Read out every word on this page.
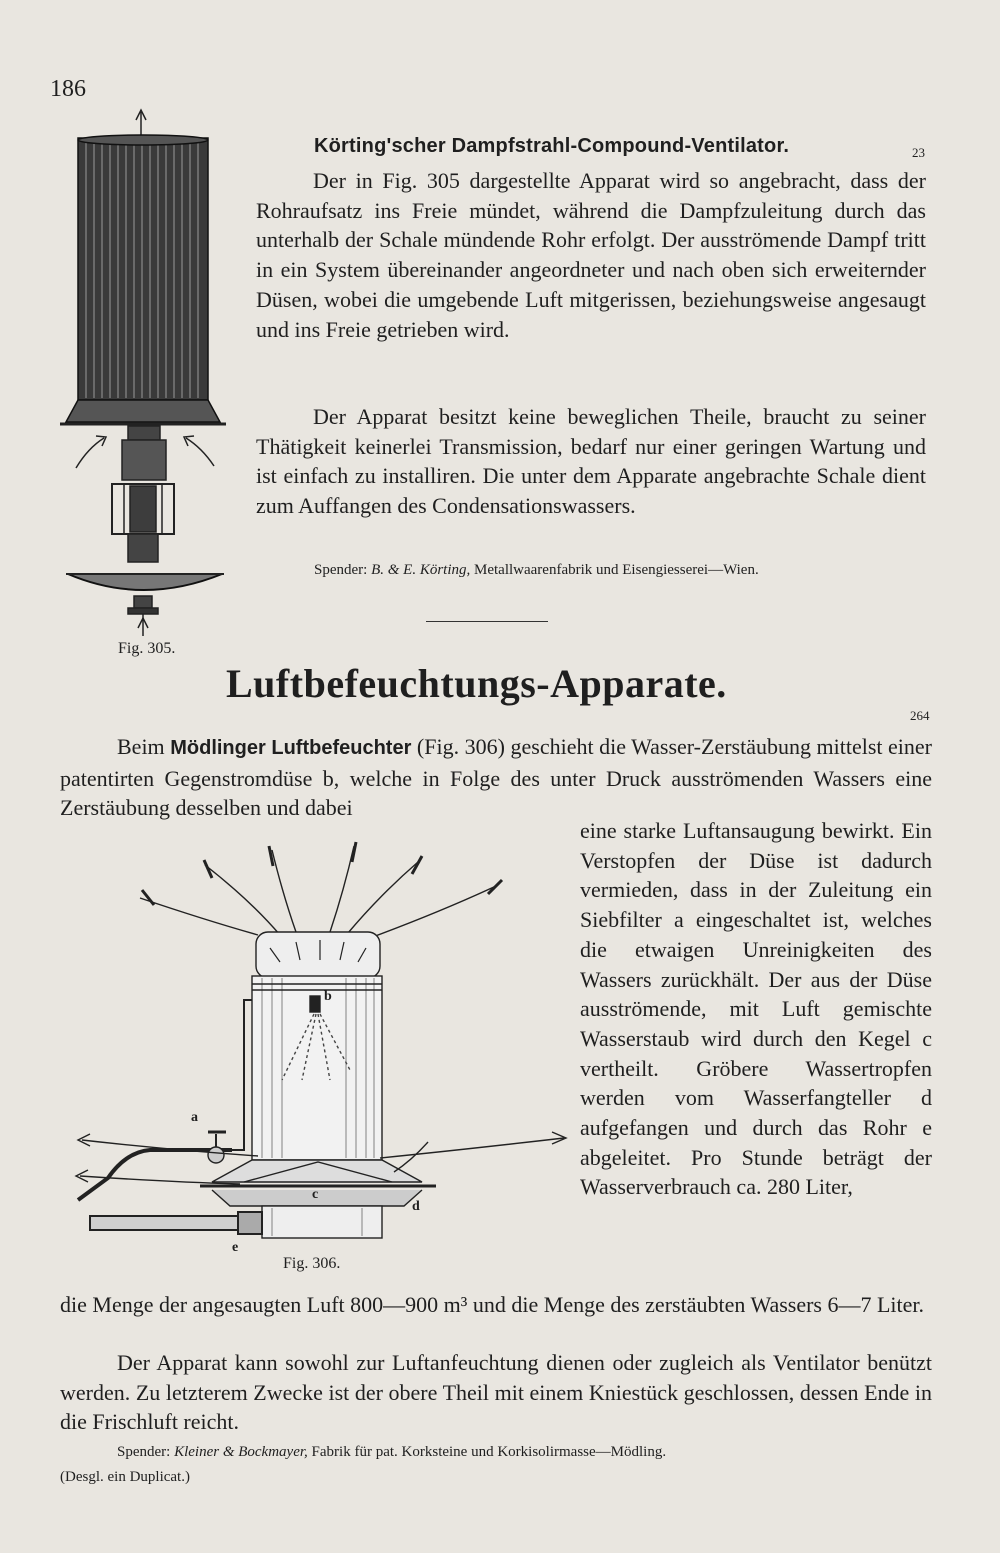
186
Körting'scher Dampfstrahl-Compound-Ventilator.	23
Der in Fig. 305 dargestellte Apparat wird so angebracht, dass der Rohraufsatz ins Freie mündet, während die Dampfzuleitung durch das unterhalb der Schale mündende Rohr erfolgt. Der ausströmende Dampf tritt in ein System übereinander angeordneter und nach oben sich erweiternder Düsen, wobei die umgebende Luft mitgerissen, beziehungsweise angesaugt und ins Freie getrieben wird.
Der Apparat besitzt keine beweglichen Theile, braucht zu seiner Thätigkeit keinerlei Transmission, bedarf nur einer geringen Wartung und ist einfach zu installiren. Die unter dem Apparate angebrachte Schale dient zum Auffangen des Condensationswassers.
Spender: B. & E. Körting, Metallwaarenfabrik und Eisengiesserei—Wien.
Fig. 305.
Luftbefeuchtungs-Apparate.
264
Beim Mödlinger Luftbefeuchter (Fig. 306) geschieht die Wasser-Zerstäubung mittelst einer patentirten Gegenstromdüse b, welche in Folge des unter Druck ausströmenden Wassers eine Zerstäubung desselben und dabei
eine starke Luftansaugung bewirkt. Ein Verstopfen der Düse ist dadurch vermieden, dass in der Zuleitung ein Siebfilter a eingeschaltet ist, welches die etwaigen Unreinigkeiten des Wassers zurückhält. Der aus der Düse ausströmende, mit Luft gemischte Wasserstaub wird durch den Kegel c vertheilt. Gröbere Wassertropfen werden vom Wasserfangteller d aufgefangen und durch das Rohr e abgeleitet. Pro Stunde beträgt der Wasserverbrauch ca. 280 Liter,
a
b
c
d
e
Fig. 306.
die Menge der angesaugten Luft 800—900 m³ und die Menge des zerstäubten Wassers 6—7 Liter.
Der Apparat kann sowohl zur Luftanfeuchtung dienen oder zugleich als Ventilator benützt werden. Zu letzterem Zwecke ist der obere Theil mit einem Kniestück geschlossen, dessen Ende in die Frischluft reicht.
Spender: Kleiner & Bockmayer, Fabrik für pat. Korksteine und Korkisolirmasse—Mödling.
(Desgl. ein Duplicat.)
